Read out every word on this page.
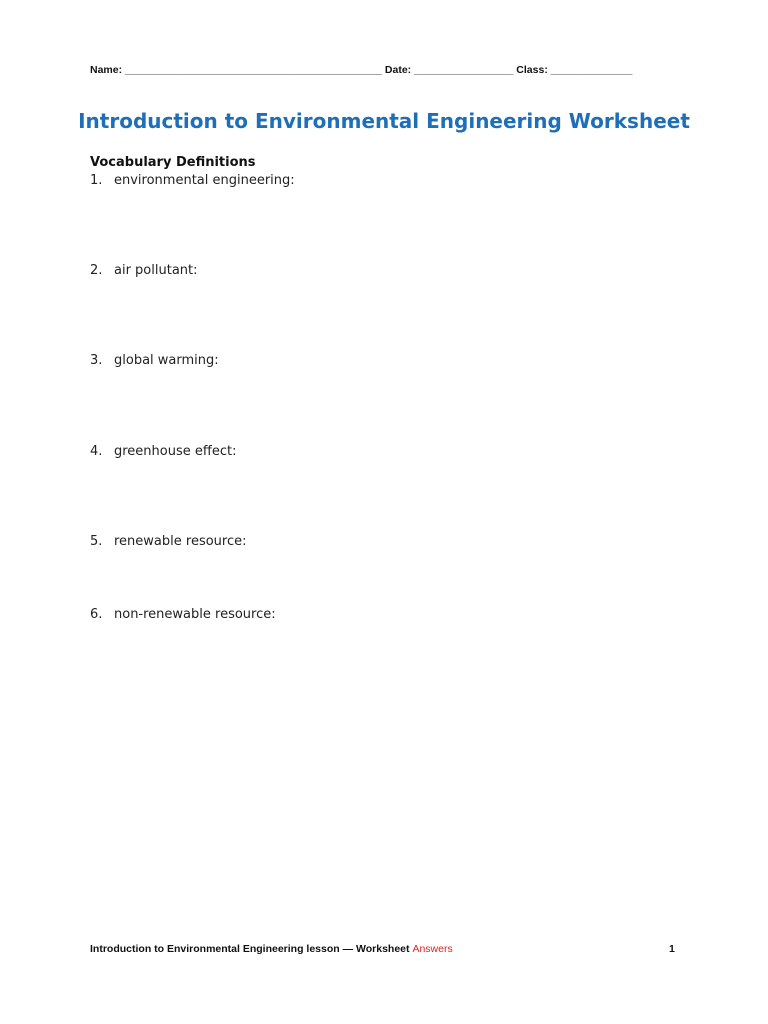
Name: ____________________________________________ Date: _________________ Class: ______________
Introduction to Environmental Engineering Worksheet
Vocabulary Definitions
1. environmental engineering:
2. air pollutant:
3. global warming:
4. greenhouse effect:
5. renewable resource:
6. non-renewable resource:
Introduction to Environmental Engineering lesson — Worksheet Answers	1
